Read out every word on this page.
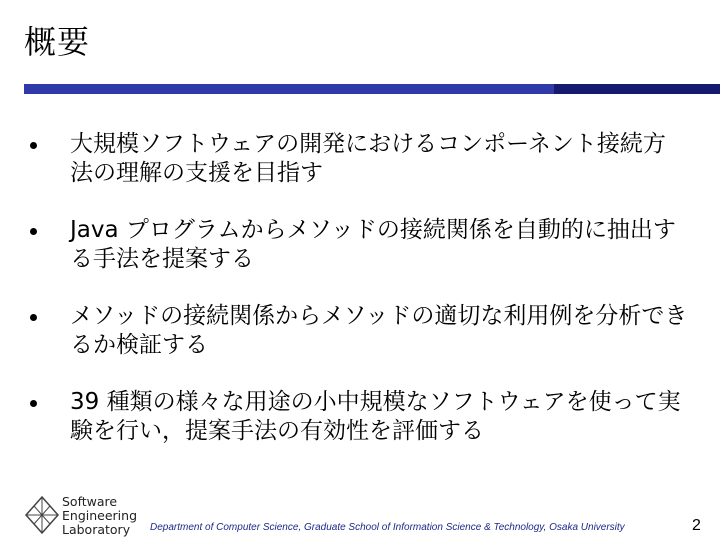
概要
大規模ソフトウェアの開発におけるコンポーネント接続方法の理解の支援を目指す
Java プログラムからメソッドの接続関係を自動的に抽出する手法を提案する
メソッドの接続関係からメソッドの適切な利用例を分析できるか検証する
39 種類の様々な用途の小中規模なソフトウェアを使って実験を行い，提案手法の有効性を評価する
Software
Engineering
Laboratory	Department of Computer Science, Graduate School of Information Science & Technology, Osaka University	2
